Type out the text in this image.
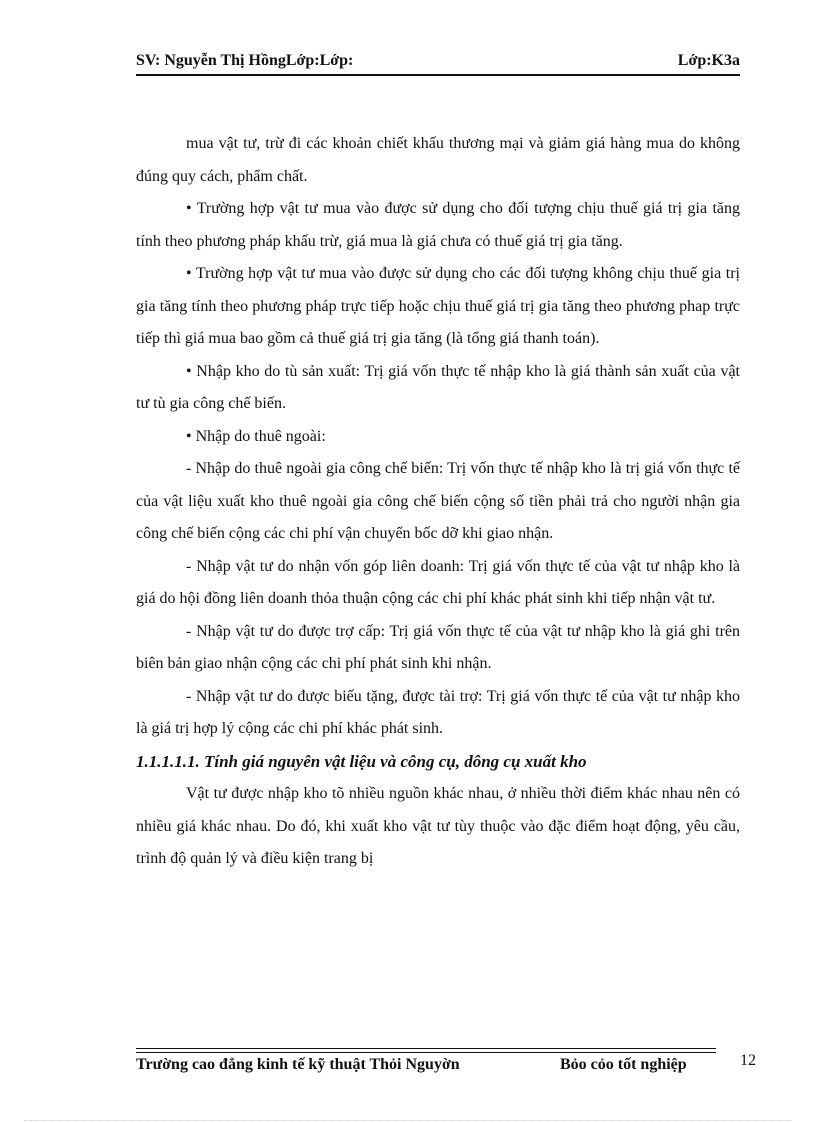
SV: Nguyễn Thị HồngLớp:Lớp:	Lớp:K3a

mua vật tư, trừ đi các khoản chiết khấu thương mại và giảm giá hàng mua do không đúng quy cách, phẩm chất.

• Trường hợp vật tư mua vào được sử dụng cho đối tượng chịu thuế giá trị gia tăng tính theo phương pháp khấu trừ, giá mua là giá chưa có thuế giá trị gia tăng.

• Trường hợp vật tư mua vào được sử dụng cho các đối tượng không chịu thuế gia trị gia tăng tính theo phương pháp trực tiếp hoặc chịu thuế giá trị gia tăng theo phương phap trực tiếp thì giá mua bao gồm cả thuế giá trị gia tăng (là tổng giá thanh toán).

• Nhập kho do tù sản xuất: Trị giá vốn thực tế nhập kho là giá thành sản xuất của vật tư tù gia công chế biến.

• Nhập do thuê ngoài:

- Nhập do thuê ngoài gia công chế biến: Trị vốn thực tế nhập kho là trị giá vốn thực tế của vật liệu xuất kho thuê ngoài gia công chế biến cộng số tiền phải trả cho người nhận gia công chế biến cộng các chi phí vận chuyển bốc dỡ khi giao nhận.

- Nhập vật tư do nhận vốn góp liên doanh: Trị giá vốn thực tế của vật tư nhập kho là giá do hội đồng liên doanh thỏa thuận cộng các chi phí khác phát sinh khi tiếp nhận vật tư.

- Nhập vật tư do được trợ cấp: Trị giá vốn thực tế của vật tư nhập kho là giá ghi trên biên bản giao nhận cộng các chi phí phát sinh khi nhận.

- Nhập vật tư do được biếu tặng, được tài trợ: Trị giá vốn thực tế của vật tư nhập kho là giá trị hợp lý cộng các chi phí khác phát sinh.

1.1.1.1.1. Tính giá nguyên vật liệu và công cụ, dông cụ xuất kho

Vật tư được nhập kho tõ nhiều nguồn khác nhau, ở nhiều thời điểm khác nhau nên có nhiều giá khác nhau. Do đó, khi xuất kho vật tư tùy thuộc vào đặc điểm hoạt động, yêu cầu, trình độ quản lý và điều kiện trang bị

Trường cao đẳng kinh tế kỹ thuật Thỏi Nguyờn	Bỏo cỏo tốt nghiệp	12
